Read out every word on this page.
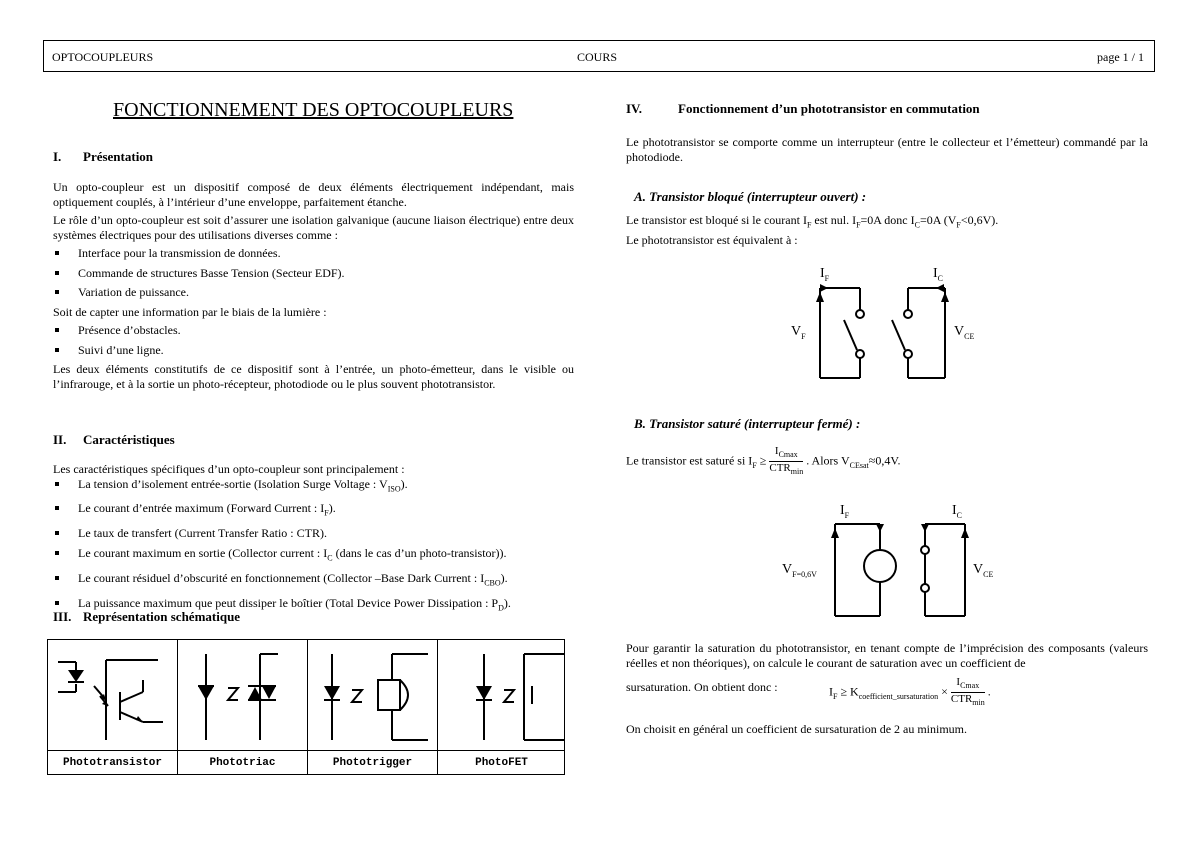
OPTOCOUPLEURS	COURS	page 1 / 1
FONCTIONNEMENT DES OPTOCOUPLEURS
I. Présentation

Un opto-coupleur est un dispositif composé de deux éléments électriquement indépendant, mais optiquement couplés, à l’intérieur d’une enveloppe, parfaitement étanche.

Le rôle d’un opto-coupleur est soit d’assurer une isolation galvanique (aucune liaison électrique) entre deux systèmes électriques pour des utilisations diverses comme :

Interface pour la transmission de données.
Commande de structures Basse Tension (Secteur EDF).
Variation de puissance.

Soit de capter une information par le biais de la lumière :

Présence d’obstacles.
Suivi d’une ligne.

Les deux éléments constitutifs de ce dispositif sont à l’entrée, un photo-émetteur, dans le visible ou l’infrarouge, et à la sortie un photo-récepteur, photodiode ou le plus souvent phototransistor.

II. Caractéristiques

Les caractéristiques spécifiques d’un opto-coupleur sont principalement :

La tension d’isolement entrée-sortie (Isolation Surge Voltage : $V_{ISO}$).
Le courant d’entrée maximum (Forward Current : $I_F$).
Le taux de transfert (Current Transfer Ratio : CTR).
Le courant maximum en sortie (Collector current : $I_C$ (dans le cas d’un photo-transistor)).
Le courant résiduel d’obscurité en fonctionnement (Collector –Base Dark Current : $I_{CBO}$).
La puissance maximum que peut dissiper le boîtier (Total Device Power Dissipation : $P_D$).
III. Représentation schématique
Phototransistor	Phototriac	Phototrigger	PhotoFET
IV.	Fonctionnement d’un phototransistor en commutation

Le phototransistor se comporte comme un interrupteur (entre le collecteur et l’émetteur) commandé par la photodiode.

A. Transistor bloqué (interrupteur ouvert) :

Le transistor est bloqué si le courant $I_F$ est nul. $I_F=0A$ donc $I_C=0A$ $(V_F<0,6V)$.

Le phototransistor est équivalent à :

$I_F$	$I_C$
$V_F$	$V_{CE}$
B. Transistor saturé (interrupteur fermé) :
Le transistor est saturé si $I_F \ge \frac{I_{Cmax}}{CTR_{min}}$ . Alors $V_{CEsat}\approx 0,4V$.
$I_F$	$I_C$
$V_{F=0,6V}$	$V_{CE}$

Pour garantir la saturation du phototransistor, en tenant compte de l’imprécision des composants (valeurs réelles et non théoriques), on calcule le courant de saturation avec un coefficient de

sursaturation. On obtient donc :	$I_F \ge K_{coefficient\_sursaturation} \times \frac{I_{Cmax}}{CTR_{min}}$ .

On choisit en général un coefficient de sursaturation de 2 au minimum.
